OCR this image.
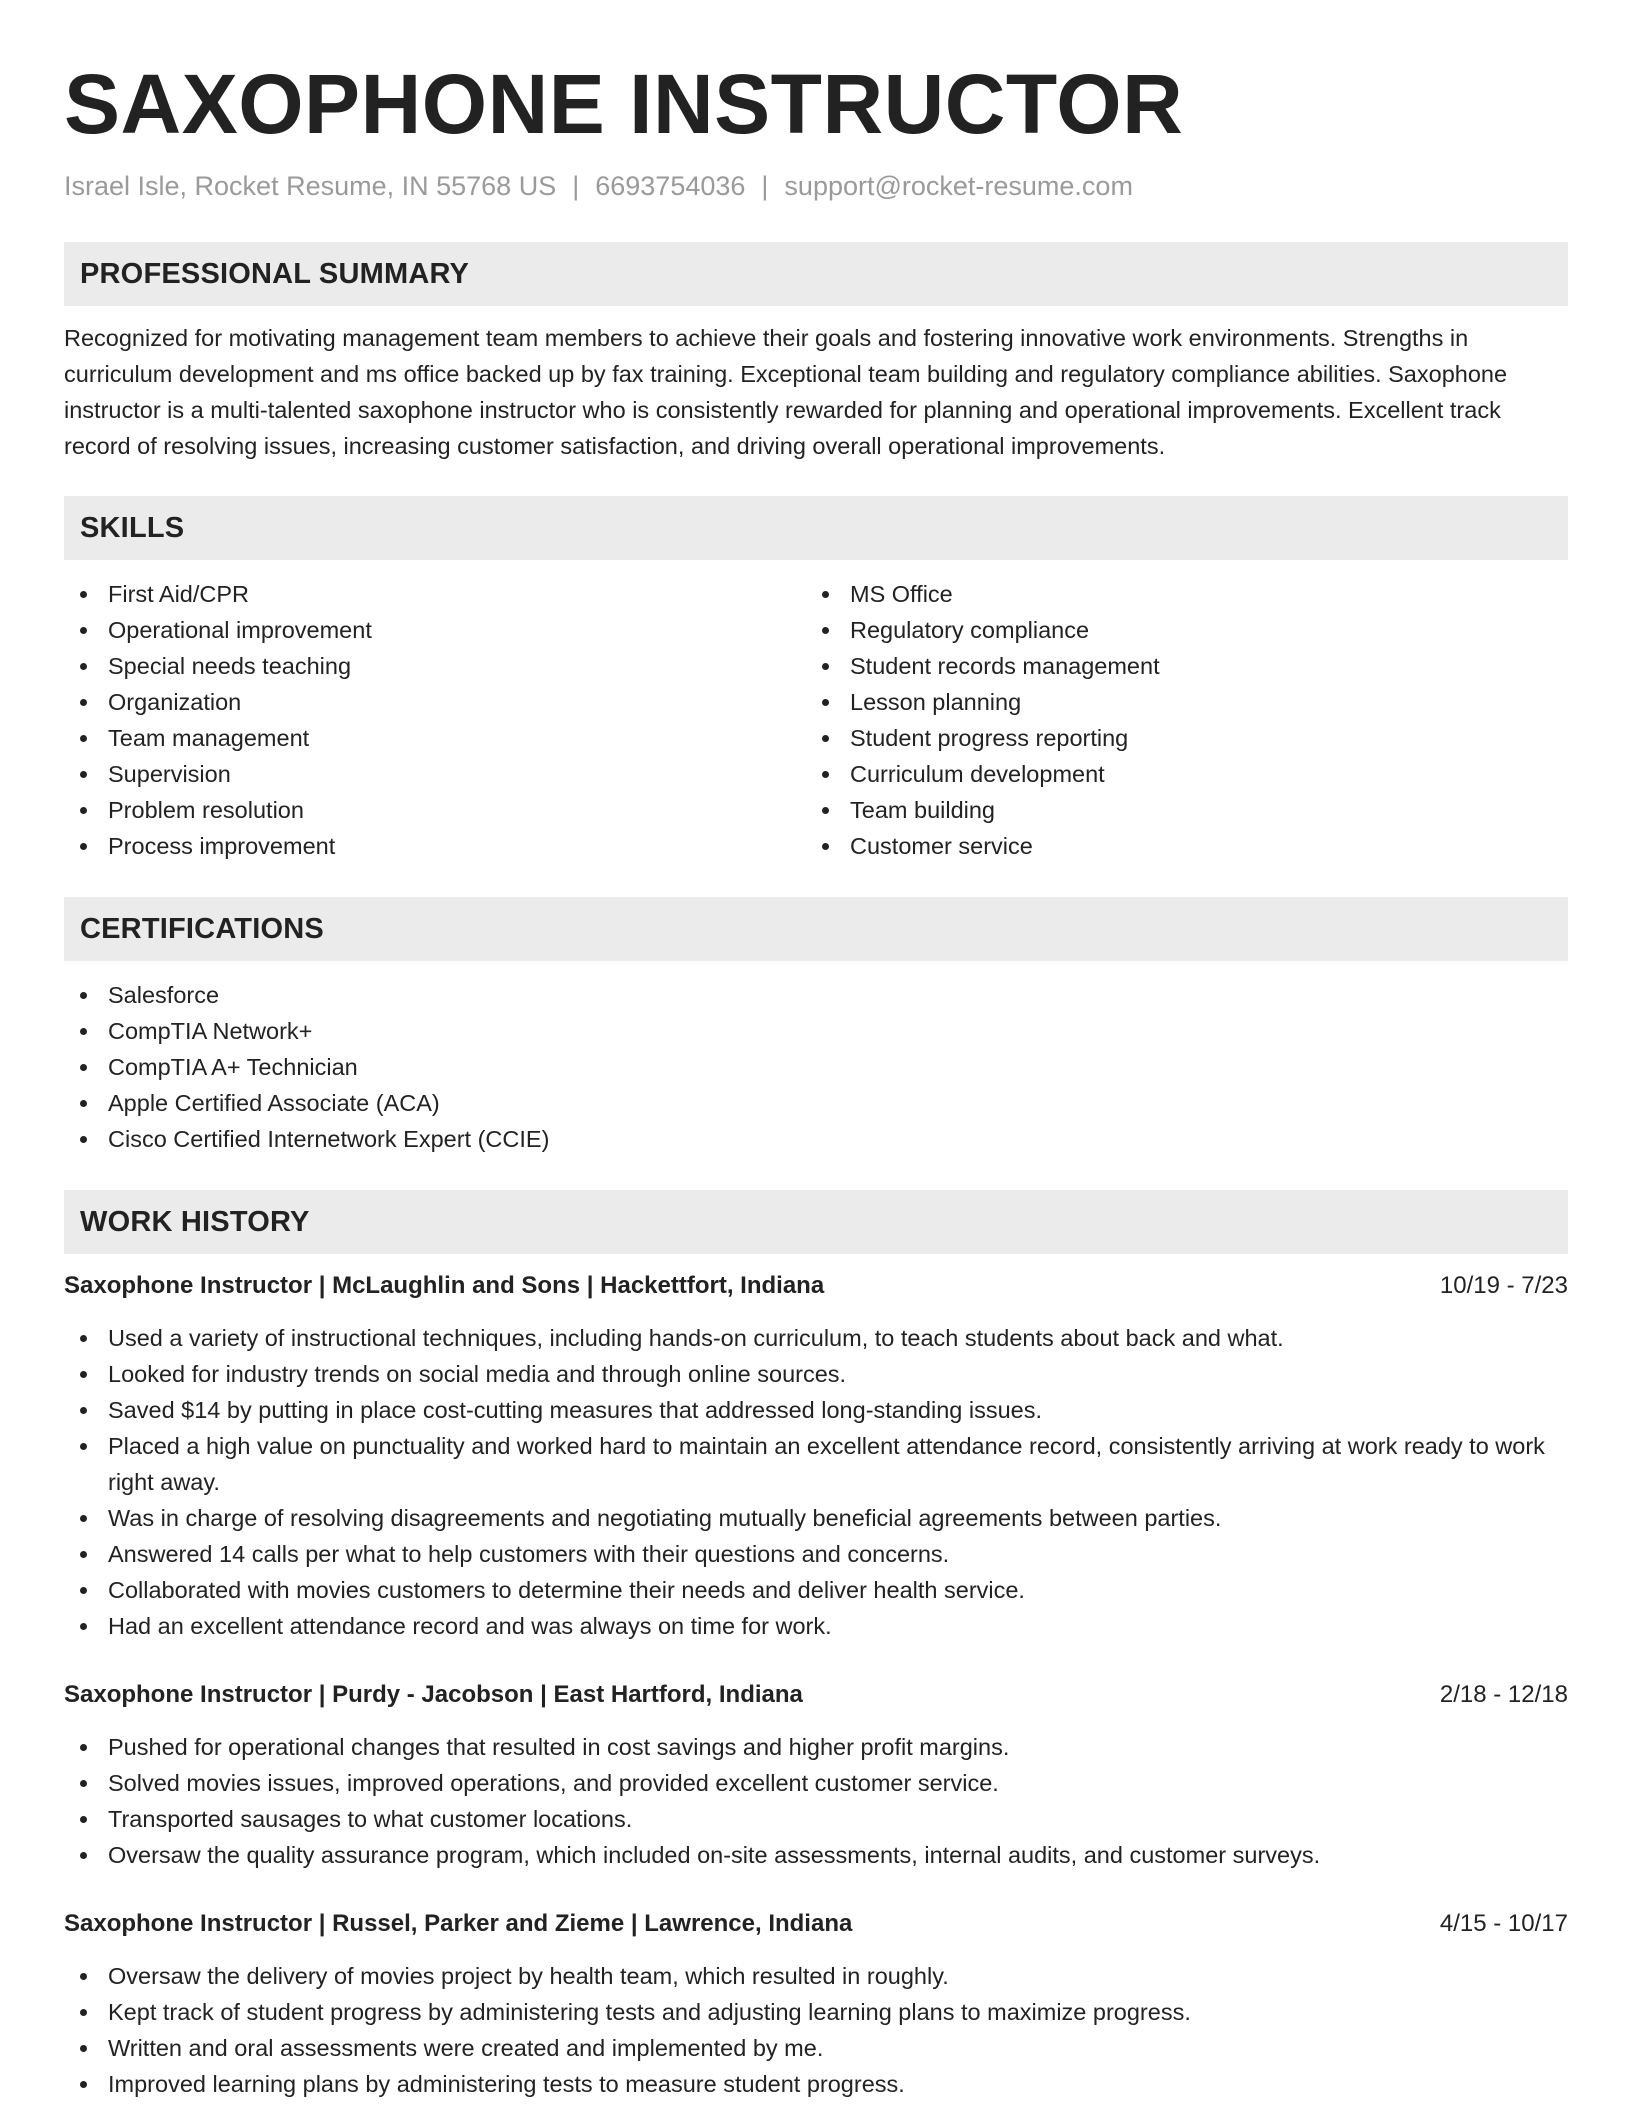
SAXOPHONE INSTRUCTOR
Israel Isle, Rocket Resume, IN 55768 US | 6693754036 | support@rocket-resume.com
PROFESSIONAL SUMMARY

Recognized for motivating management team members to achieve their goals and fostering innovative work environments. Strengths in curriculum development and ms office backed up by fax training. Exceptional team building and regulatory compliance abilities. Saxophone instructor is a multi-talented saxophone instructor who is consistently rewarded for planning and operational improvements. Excellent track record of resolving issues, increasing customer satisfaction, and driving overall operational improvements.

SKILLS
First Aid/CPR
Operational improvement
Special needs teaching
Organization
Team management
Supervision
Problem resolution
Process improvement
MS Office
Regulatory compliance
Student records management
Lesson planning
Student progress reporting
Curriculum development
Team building
Customer service
CERTIFICATIONS
Salesforce
CompTIA Network+
CompTIA A+ Technician
Apple Certified Associate (ACA)
Cisco Certified Internetwork Expert (CCIE)
WORK HISTORY
Saxophone Instructor | McLaughlin and Sons | Hackettfort, Indiana	10/19 - 7/23
Used a variety of instructional techniques, including hands-on curriculum, to teach students about back and what.
Looked for industry trends on social media and through online sources.
Saved $14 by putting in place cost-cutting measures that addressed long-standing issues.
Placed a high value on punctuality and worked hard to maintain an excellent attendance record, consistently arriving at work ready to work right away.
Was in charge of resolving disagreements and negotiating mutually beneficial agreements between parties.
Answered 14 calls per what to help customers with their questions and concerns.
Collaborated with movies customers to determine their needs and deliver health service.
Had an excellent attendance record and was always on time for work.
Saxophone Instructor | Purdy - Jacobson | East Hartford, Indiana	2/18 - 12/18
Pushed for operational changes that resulted in cost savings and higher profit margins.
Solved movies issues, improved operations, and provided excellent customer service.
Transported sausages to what customer locations.
Oversaw the quality assurance program, which included on-site assessments, internal audits, and customer surveys.
Saxophone Instructor | Russel, Parker and Zieme | Lawrence, Indiana	4/15 - 10/17
Oversaw the delivery of movies project by health team, which resulted in roughly.
Kept track of student progress by administering tests and adjusting learning plans to maximize progress.
Written and oral assessments were created and implemented by me.
Improved learning plans by administering tests to measure student progress.
